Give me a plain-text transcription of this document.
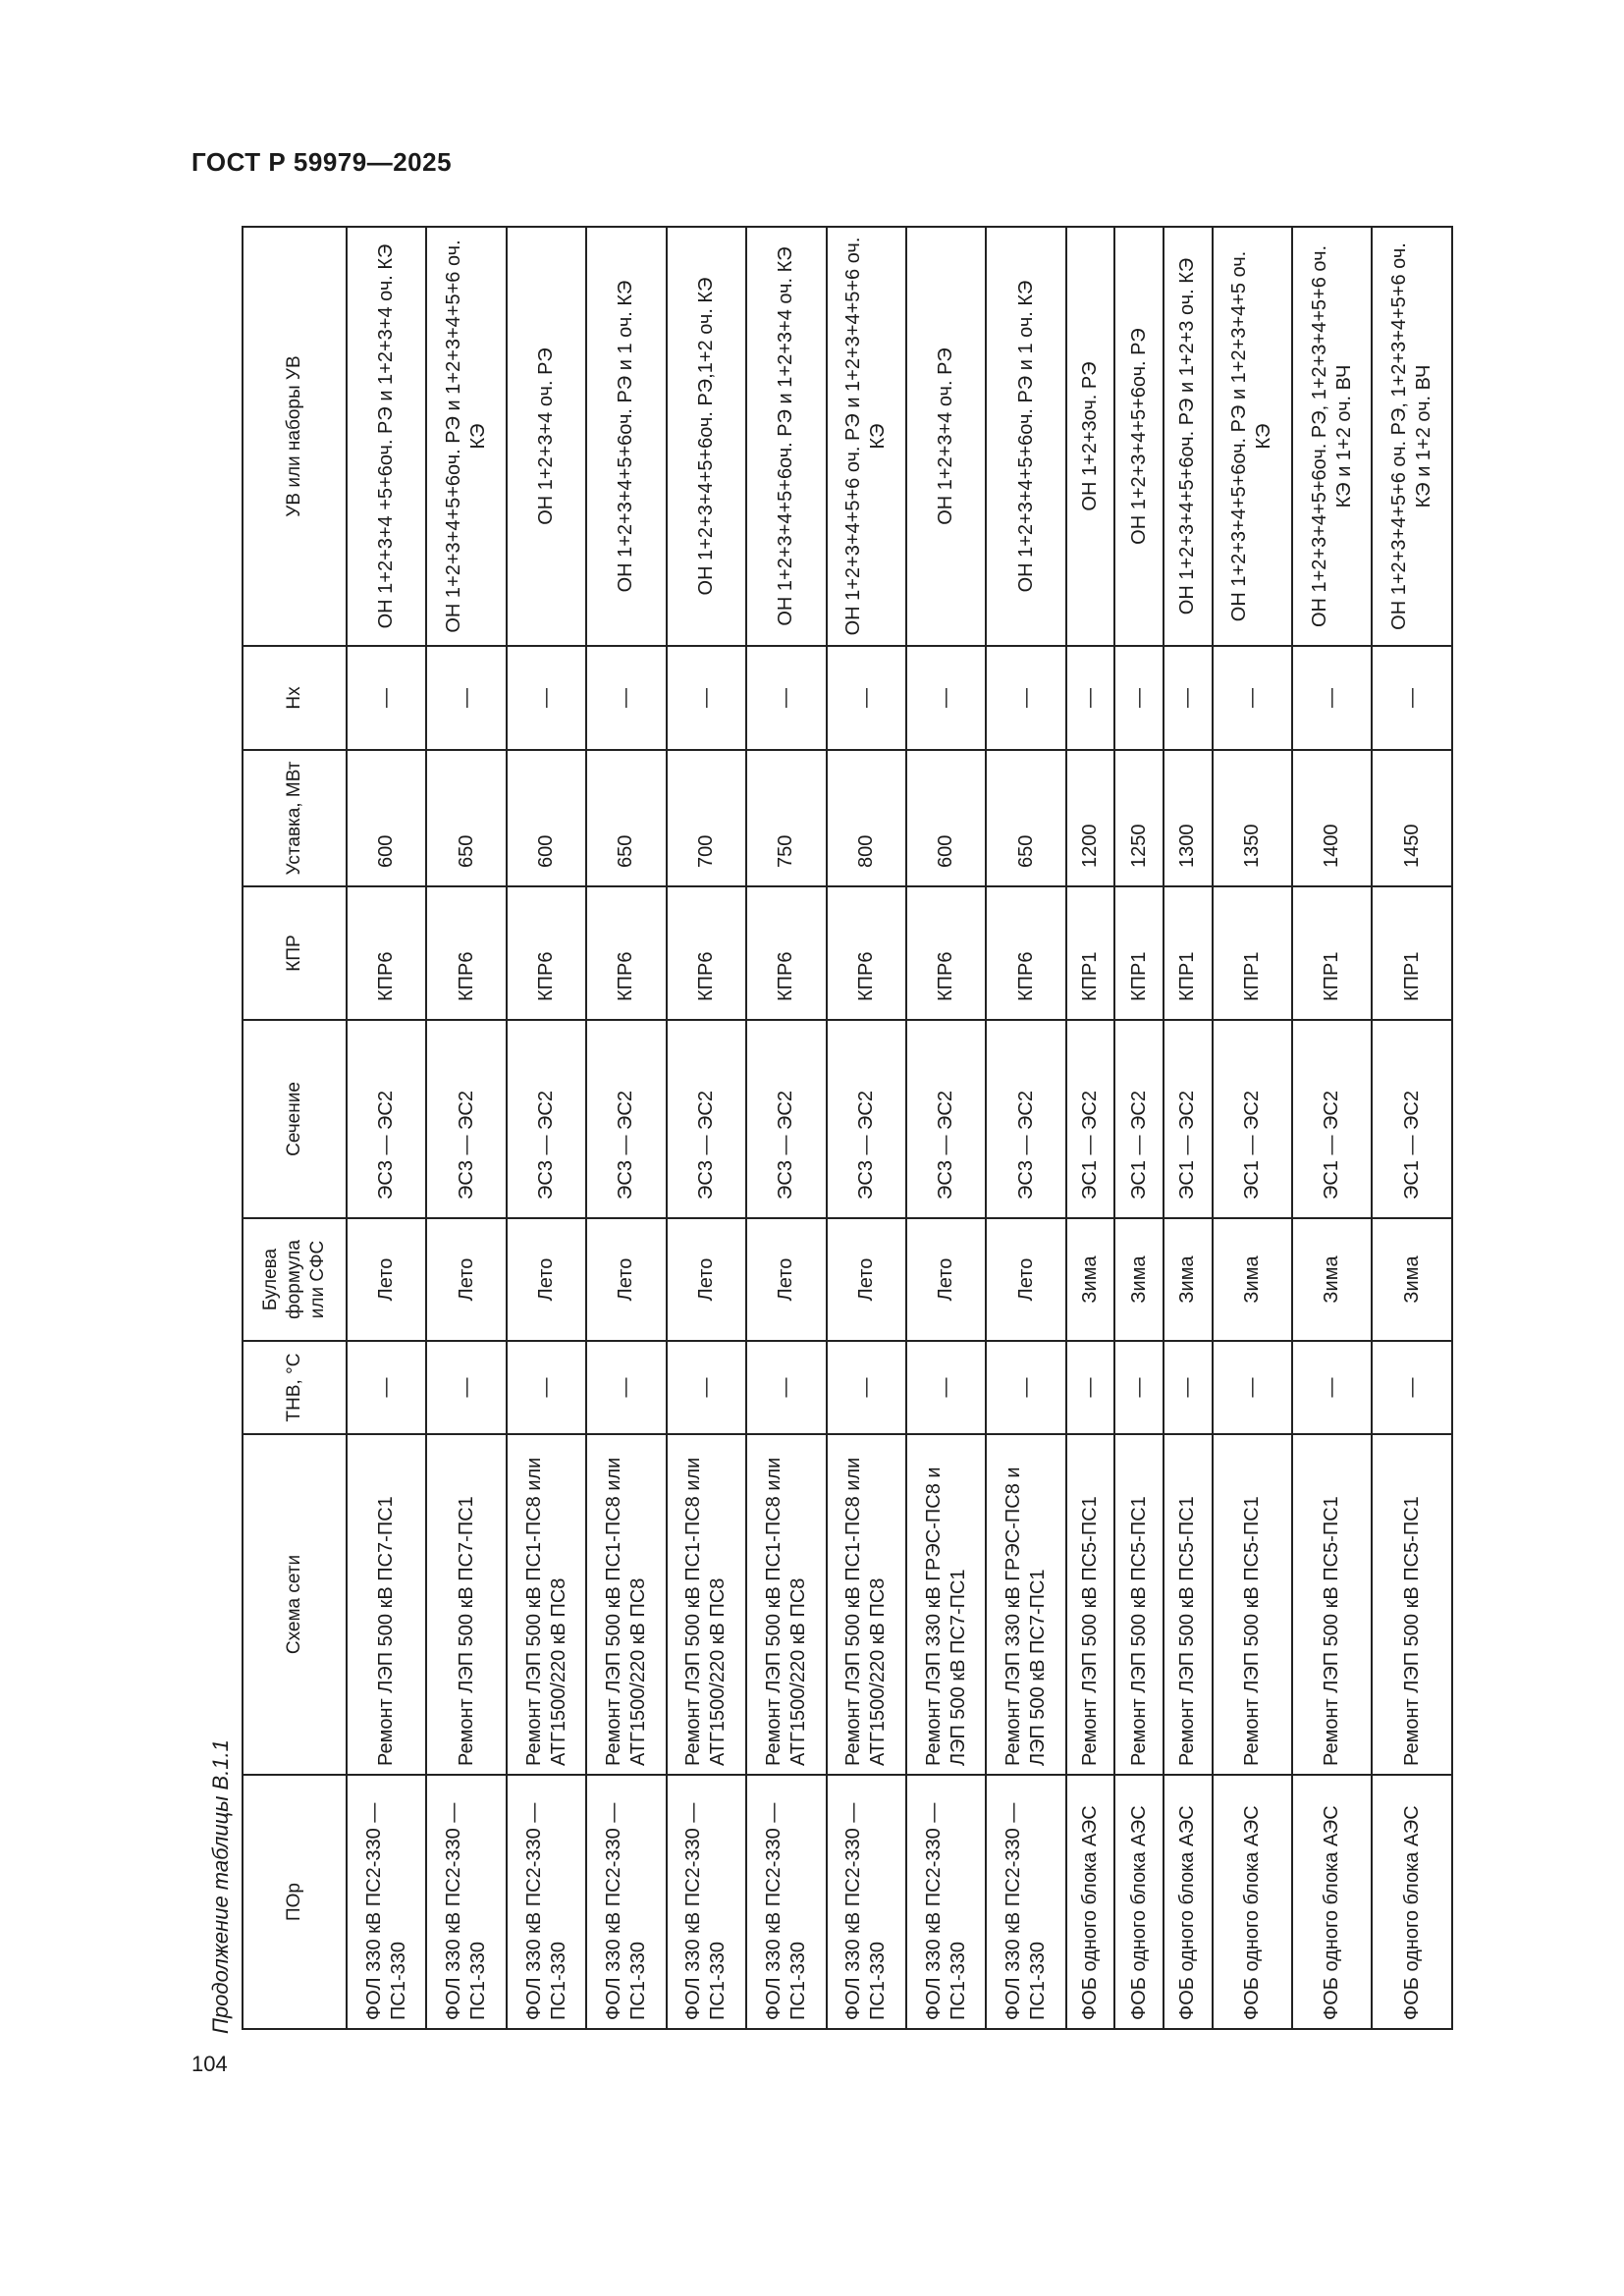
ГОСТ Р 59979—2025
Продолжение таблицы В.1.1
104
ПОр	Схема сети	ТНВ, °С	Булева формула или СФС	Сечение	КПР	Уставка, МВт	Нх	УВ или наборы УВ
ФОЛ 330 кВ ПС2-330 — ПС1-330	Ремонт ЛЭП 500 кВ ПС7-ПС1	—	Лето	ЭС3 — ЭС2	КПР6	600	—	ОН 1+2+3+4 +5+6оч. РЭ и 1+2+3+4 оч. КЭ
ФОЛ 330 кВ ПС2-330 — ПС1-330	Ремонт ЛЭП 500 кВ ПС7-ПС1	—	Лето	ЭС3 — ЭС2	КПР6	650	—	ОН 1+2+3+4+5+6оч. РЭ и 1+2+3+4+5+6 оч. КЭ
ФОЛ 330 кВ ПС2-330 — ПС1-330	Ремонт ЛЭП 500 кВ ПС1-ПС8 или АТГ1500/220 кВ ПС8	—	Лето	ЭС3 — ЭС2	КПР6	600	—	ОН 1+2+3+4 оч. РЭ
ФОЛ 330 кВ ПС2-330 — ПС1-330	Ремонт ЛЭП 500 кВ ПС1-ПС8 или АТГ1500/220 кВ ПС8	—	Лето	ЭС3 — ЭС2	КПР6	650	—	ОН 1+2+3+4+5+6оч. РЭ и 1 оч. КЭ
ФОЛ 330 кВ ПС2-330 — ПС1-330	Ремонт ЛЭП 500 кВ ПС1-ПС8 или АТГ1500/220 кВ ПС8	—	Лето	ЭС3 — ЭС2	КПР6	700	—	ОН 1+2+3+4+5+6оч. РЭ,1+2 оч. КЭ
ФОЛ 330 кВ ПС2-330 — ПС1-330	Ремонт ЛЭП 500 кВ ПС1-ПС8 или АТГ1500/220 кВ ПС8	—	Лето	ЭС3 — ЭС2	КПР6	750	—	ОН 1+2+3+4+5+6оч. РЭ и 1+2+3+4 оч. КЭ
ФОЛ 330 кВ ПС2-330 — ПС1-330	Ремонт ЛЭП 500 кВ ПС1-ПС8 или АТГ1500/220 кВ ПС8	—	Лето	ЭС3 — ЭС2	КПР6	800	—	ОН 1+2+3+4+5+6 оч. РЭ и 1+2+3+4+5+6 оч. КЭ
ФОЛ 330 кВ ПС2-330 — ПС1-330	Ремонт ЛЭП 330 кВ ГРЭС-ПС8 и ЛЭП 500 кВ ПС7-ПС1	—	Лето	ЭС3 — ЭС2	КПР6	600	—	ОН 1+2+3+4 оч. РЭ
ФОЛ 330 кВ ПС2-330 — ПС1-330	Ремонт ЛЭП 330 кВ ГРЭС-ПС8 и ЛЭП 500 кВ ПС7-ПС1	—	Лето	ЭС3 — ЭС2	КПР6	650	—	ОН 1+2+3+4+5+6оч. РЭ и 1 оч. КЭ
ФОБ одного блока АЭС	Ремонт ЛЭП 500 кВ ПС5-ПС1	—	Зима	ЭС1 — ЭС2	КПР1	1200	—	ОН 1+2+3оч. РЭ
ФОБ одного блока АЭС	Ремонт ЛЭП 500 кВ ПС5-ПС1	—	Зима	ЭС1 — ЭС2	КПР1	1250	—	ОН 1+2+3+4+5+6оч. РЭ
ФОБ одного блока АЭС	Ремонт ЛЭП 500 кВ ПС5-ПС1	—	Зима	ЭС1 — ЭС2	КПР1	1300	—	ОН 1+2+3+4+5+6оч. РЭ и 1+2+3 оч. КЭ
ФОБ одного блока АЭС	Ремонт ЛЭП 500 кВ ПС5-ПС1	—	Зима	ЭС1 — ЭС2	КПР1	1350	—	ОН 1+2+3+4+5+6оч. РЭ и 1+2+3+4+5 оч. КЭ
ФОБ одного блока АЭС	Ремонт ЛЭП 500 кВ ПС5-ПС1	—	Зима	ЭС1 — ЭС2	КПР1	1400	—	ОН 1+2+3+4+5+6оч. РЭ, 1+2+3+4+5+6 оч. КЭ и 1+2 оч. ВЧ
ФОБ одного блока АЭС	Ремонт ЛЭП 500 кВ ПС5-ПС1	—	Зима	ЭС1 — ЭС2	КПР1	1450	—	ОН 1+2+3+4+5+6 оч. РЭ, 1+2+3+4+5+6 оч. КЭ и 1+2 оч. ВЧ
